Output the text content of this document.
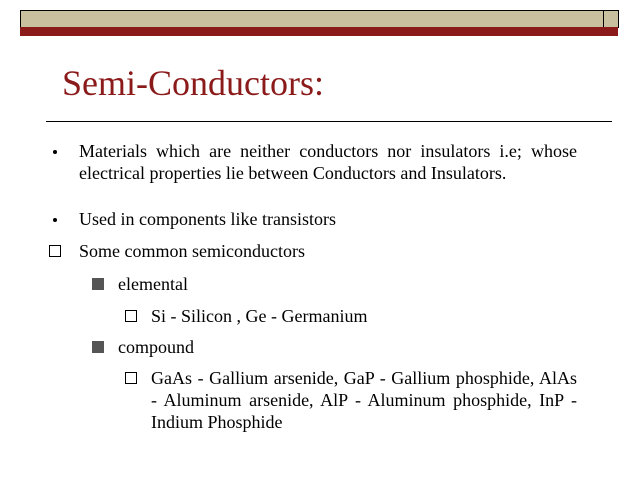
Semi-Conductors:
Materials which are neither conductors nor insulators i.e; whose electrical properties lie between Conductors and Insulators.
Used in components like transistors
Some common semiconductors
elemental
Si - Silicon , Ge - Germanium
compound
GaAs - Gallium arsenide, GaP - Gallium phosphide, AlAs - Aluminum arsenide, AlP - Aluminum phosphide, InP - Indium Phosphide
